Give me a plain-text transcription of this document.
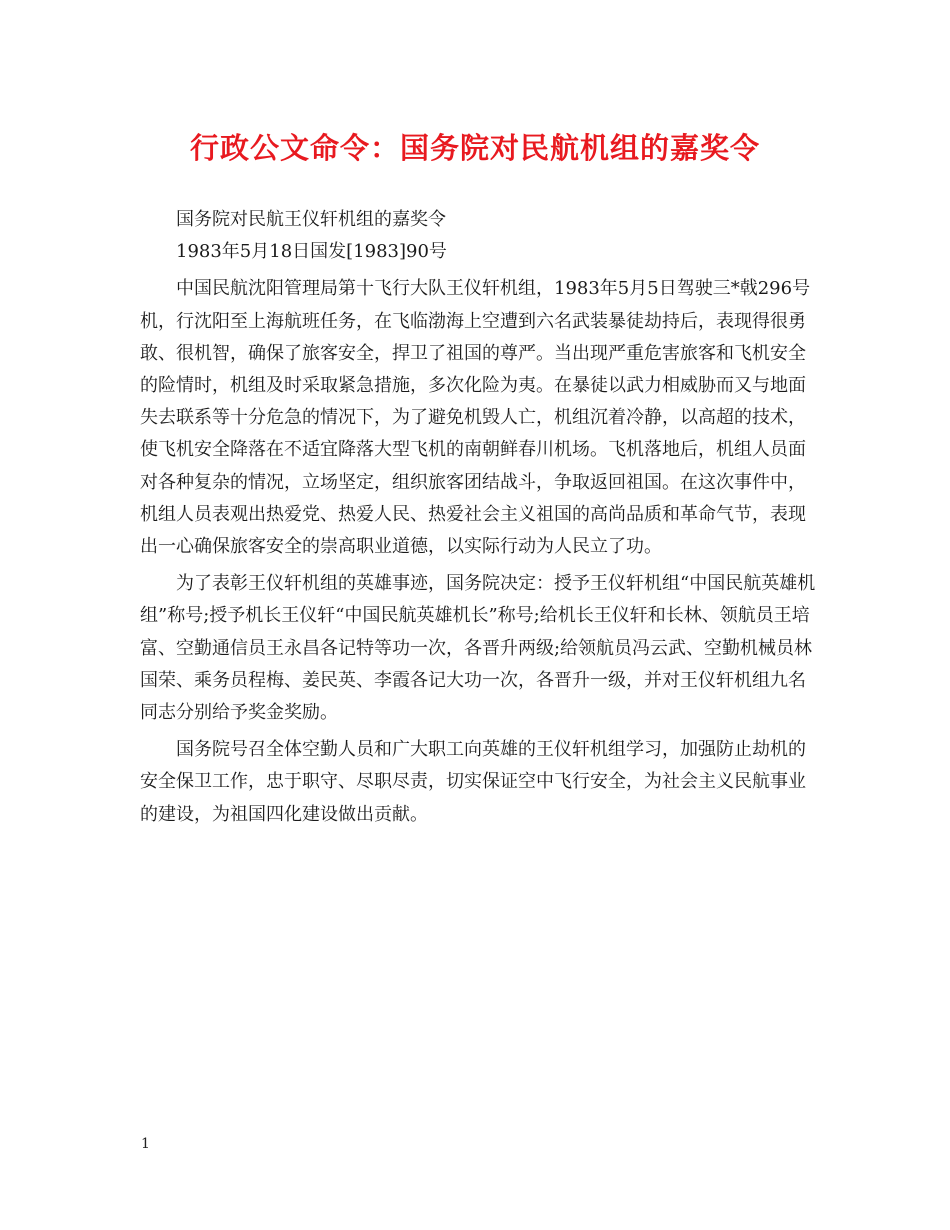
行政公文命令：国务院对民航机组的嘉奖令

国务院对民航王仪轩机组的嘉奖令

1983年5月18日国发[1983]90号

中国民航沈阳管理局第十飞行大队王仪轩机组，1983年5月5日驾驶三*戟296号机，行沈阳至上海航班任务，在飞临渤海上空遭到六名武装暴徒劫持后，表现得很勇敢、很机智，确保了旅客安全，捍卫了祖国的尊严。当出现严重危害旅客和飞机安全的险情时，机组及时采取紧急措施，多次化险为夷。在暴徒以武力相威胁而又与地面失去联系等十分危急的情况下，为了避免机毁人亡，机组沉着冷静，以高超的技术，使飞机安全降落在不适宜降落大型飞机的南朝鲜春川机场。飞机落地后，机组人员面对各种复杂的情况，立场坚定，组织旅客团结战斗，争取返回祖国。在这次事件中，机组人员表观出热爱党、热爱人民、热爱社会主义祖国的高尚品质和革命气节，表现出一心确保旅客安全的崇高职业道德，以实际行动为人民立了功。

为了表彰王仪轩机组的英雄事迹，国务院决定：授予王仪轩机组“中国民航英雄机组”称号;授予机长王仪轩“中国民航英雄机长”称号;给机长王仪轩和长林、领航员王培富、空勤通信员王永昌各记特等功一次，各晋升两级;给领航员冯云武、空勤机械员林国荣、乘务员程梅、姜民英、李霞各记大功一次，各晋升一级，并对王仪轩机组九名同志分别给予奖金奖励。

国务院号召全体空勤人员和广大职工向英雄的王仪轩机组学习，加强防止劫机的安全保卫工作，忠于职守、尽职尽责，切实保证空中飞行安全，为社会主义民航事业的建设，为祖国四化建设做出贡献。

1
